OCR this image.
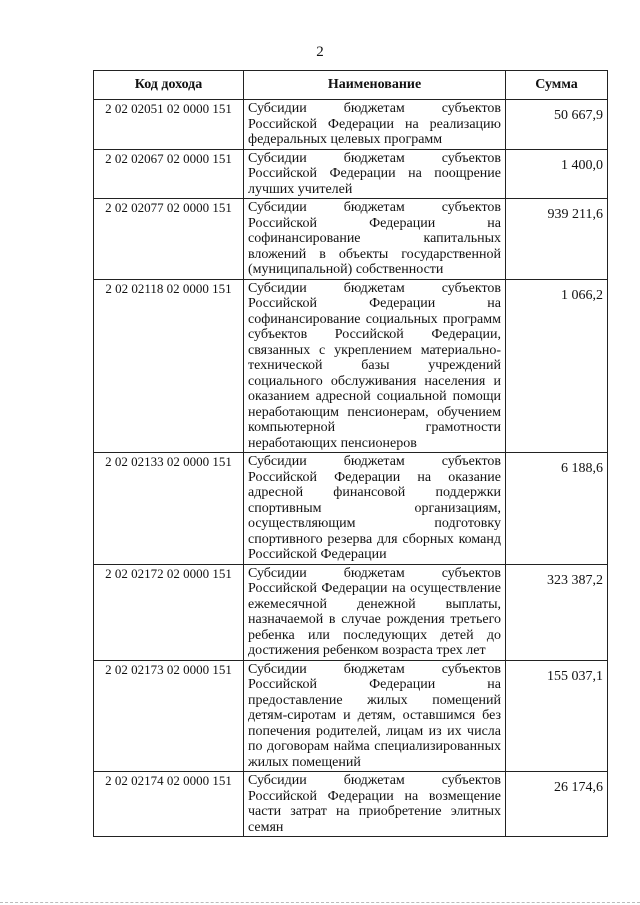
2
Код дохода	Наименование	Сумма
2 02 02051 02 0000 151	Субсидии бюджетам субъектов Российской Федерации на реализацию федеральных целевых программ	50 667,9
2 02 02067 02 0000 151	Субсидии бюджетам субъектов Российской Федерации на поощрение лучших учителей	1 400,0
2 02 02077 02 0000 151	Субсидии бюджетам субъектов Российской Федерации на софинансирование капитальных вложений в объекты государственной (муниципальной) собственности	939 211,6
2 02 02118 02 0000 151	Субсидии бюджетам субъектов Российской Федерации на софинансирование социальных программ субъектов Российской Федерации, связанных с укреплением материально-технической базы учреждений социального обслуживания населения и оказанием адресной социальной помощи неработающим пенсионерам, обучением компьютерной грамотности неработающих пенсионеров	1 066,2
2 02 02133 02 0000 151	Субсидии бюджетам субъектов Российской Федерации на оказание адресной финансовой поддержки спортивным организациям, осуществляющим подготовку спортивного резерва для сборных команд Российской Федерации	6 188,6
2 02 02172 02 0000 151	Субсидии бюджетам субъектов Российской Федерации на осуществление ежемесячной денежной выплаты, назначаемой в случае рождения третьего ребенка или последующих детей до достижения ребенком возраста трех лет	323 387,2
2 02 02173 02 0000 151	Субсидии бюджетам субъектов Российской Федерации на предоставление жилых помещений детям-сиротам и детям, оставшимся без попечения родителей, лицам из их числа по договорам найма специализированных жилых помещений	155 037,1
2 02 02174 02 0000 151	Субсидии бюджетам субъектов Российской Федерации на возмещение части затрат на приобретение элитных семян	26 174,6
